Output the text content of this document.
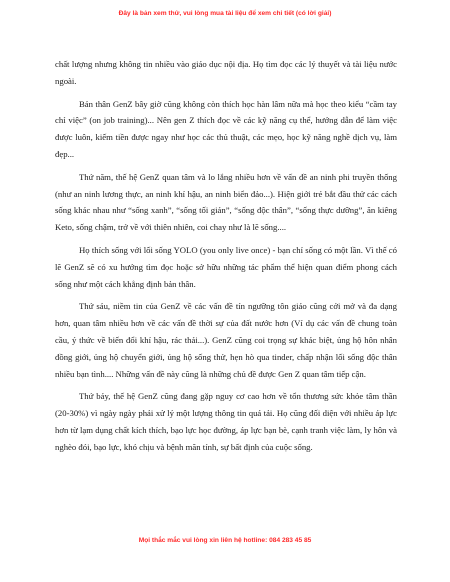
Đây là bản xem thử, vui lòng mua tài liệu để xem chi tiết (có lời giải)

chất lượng nhưng không tin nhiều vào giáo dục nội địa. Họ tìm đọc các lý thuyết và tài liệu nước ngoài.

Bản thân GenZ bây giờ cũng không còn thích học hàn lâm nữa mà học theo kiểu “cầm tay chỉ việc” (on job training)... Nên gen Z thích đọc về các kỹ năng cụ thể, hướng dẫn để làm việc được luôn, kiếm tiền được ngay như học các thủ thuật, các mẹo, học kỹ năng nghề dịch vụ, làm đẹp...

Thứ năm, thế hệ GenZ quan tâm và lo lắng nhiều hơn về vấn đề an ninh phi truyền thống (như an ninh lương thực, an ninh khí hậu, an ninh biển đảo...). Hiện giới trẻ bắt đầu thử các cách sống khác nhau như “sống xanh”, “sống tối giản”, “sống độc thân”, “sống thực dưỡng”, ăn kiêng Keto, sống chậm, trở về với thiên nhiên, coi chay như là lẽ sống....

Họ thích sống với lối sống YOLO (you only live once) - bạn chỉ sống có một lần. Vì thế có lẽ GenZ sẽ có xu hướng tìm đọc hoặc sở hữu những tác phẩm thể hiện quan điểm phong cách sống như một cách khẳng định bản thân.

Thứ sáu, niềm tin của GenZ về các vấn đề tín ngưỡng tôn giáo cũng cởi mở và đa dạng hơn, quan tâm nhiều hơn về các vấn đề thời sự của đất nước hơn (Ví dụ các vấn đề chung toàn cầu, ý thức về biến đổi khí hậu, rác thải...). GenZ cũng coi trọng sự khác biệt, ủng hộ hôn nhân đồng giới, ủng hộ chuyển giới, ủng hộ sống thử, hẹn hò qua tinder, chấp nhận lối sống độc thân nhiều bạn tình.... Những vấn đề này cũng là những chủ đề được Gen Z quan tâm tiếp cận.

Thứ bảy, thế hệ GenZ cũng đang gặp nguy cơ cao hơn về tổn thương sức khỏe tâm thần (20-30%) vì ngày ngày phải xử lý một lượng thông tin quá tải. Họ cũng đối diện với nhiều áp lực hơn từ lạm dụng chất kích thích, bạo lực học đường, áp lực bạn bè, cạnh tranh việc làm, ly hôn và nghèo đói, bạo lực, khó chịu và bệnh mãn tính, sự bất định của cuộc sống.

Mọi thắc mắc vui lòng xin liên hệ hotline: 084 283 45 85
